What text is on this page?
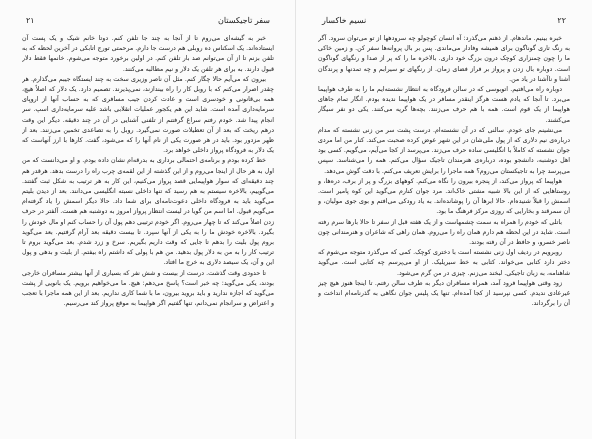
۲۱	سفر تاجیکستان

خبر به گیشه‌ای می‌روم تا از آنجا به چند جا تلفن کنم. دوتا خانم شیک و یک پست آن ایستاده‌اند. یک اسکناس ده روبلی هم درست جا دارم. مرحمتی تورج اتابکی در آخرین لحظه که به تلفن بزنم تا از آن می‌توانم صد بار تلفن کنم. در اولین برخورد متوجه می‌شوم. خانمها فقط دلار قبول دارند. به برای هر تلفن یک دلار و نیم مطالبه می‌کنند.

بیرون که می‌آیم حالا چگار کنم. مثل آن ناصر وزیری سخت به چند ایستگاه جیبم می‌گذارم. هر چقدر اصرار می‌کنم که با روبل کار را راه بیندازند، نمی‌پذیرند. تصمیم دارد. یک دلار که اصلاً هیچ، همه بی‌قانونی و خودسری است و عادت کردن جیب مسافری که به حساب آنها از اروپای سرمایه‌داری آمده است. شاید این هم یکجور عملیات انقلابی باشد علیه سرمایه‌داری اسپ. سر انجام پیدا شد. خودم رفتم سراغ گرفتنم از تلفنی آشنایی در آن در چند دقیقه. دیگر این وقت درهم ریخت که بعد از آن تعطیلات صورت نمی‌گیرد. روبل را به تصاعدی تخمین می‌زنند. بعد از ظهر مزدور بود. باید در هر صورت یکی از نام آنها را که می‌شود، گفت. کارها با ارز آنهاست که یک دلار به فرودگاه پرواز داخلی خواهد برد.

خط کرده بودم و برنامه‌ی احتمالی برداری به بدرقه‌ام نشان داده بودم. و او می‌دانست که من اول به هر حال از اینجا می‌روم و از این گذشته از این لقمه‌ی چرب راه را درست بدهد. هرقدر هم چند دقیقه‌ای که سوار هواپیمایی قصد پرواز می‌کنیم، این کار به هر ترتیب به شکل ثبت گفتند. می‌گوییم، بالاخره سیستم به هم رسید که تنها داخلی نسبته انگلیسی می‌دانند. بعد از دیدن بلیتم می‌گوید باید به فرودگاه داخلی دعوت‌نامه‌ای برای شما داد. حالا دیگر اسمش را یاد گرفته‌ام می‌گویم قبول. اما اسم من گویا در لیست انتظار پرواز امروز به دوشنبه هم هست. آلفتر در حرف زدن اصلاً می‌کند که تا چهار می‌روم. اگر خودم ترتیبی دهم پول آن را حساب کنم او مال خودش را بگیرد. بالاخره خودش ما را به یکی از آنها سپرد. تا بیست دقیقه بعد آرام گرفتیم. بعد می‌گوید بروم پول بلیت را بدهم تا جایی که وقت داریم بگیریم. سرخ و زرد شدم. بعد می‌گوید بروم تا ترتیب کار را به من به دلار پول بدهید. من هم با پولی که داشتم راه بیفتم. از بلیت و بدهی و پول این و آن، یک سیصد دلاری به خرج ما افتاد.

تا حدودی وقت گذشت. درست از بیست و شش نفر که بسیاری از آنها بیشتر مسافران خارجی بودند، یکی می‌گوید: چه خبر است؟ پاسخ می‌دهم: هیچ. ما می‌خواهیم برویم. یک بانویی از پشت می‌گوید که اجازه ندارید و باید بروید بیرون، ما با شما کاری نداریم. بعد از این همه ماجرا با تعجب و اعتراض و سرانجام نمی‌دانم، تنها گفتیم اگر هواپیما به موقع پرواز کند می‌رسیم.

۲۲
نسیم خاکسار

خبره بینیم. ماندهام. از ذهنم می‌گذرد: آه انسان کوچولو چه سرودهها از تو می‌توان سرود. آگر به رنگ تاری گوناگون برای همیشه وفادار می‌ماندی. پس بر بال پروانه‌ها سفر کن. و زمین خاکی ما را چون چمنزاری کوچک درون بزرگ خود داری. بالاخره ما را که پر از صدا و رنگهای گوناگون است. دوباره بال زدن و پرواز بر فراز فضای زمان. از رنگهای تو سیرابم و چه تمدنها و پرندگان آشنا و ناآشنا در یاد من.

دوباره راه می‌افتیم. اتوبوسی که در سالن فرودگاه به انتظار نشسته‌ایم ما را به طرف هواپیما می‌برد. تا آنجا که یادم هست هرگز اینقدر مسافر در یک هواپیما ندیده بودم. انگار تمام جاهای هواپیما از یک قوم است. همه با هم حرف می‌زنند. بچه‌ها گریه می‌کنند. یکی دو نفر سیگار می‌کشند.

می‌نشینم جای خودم. سالنی که در آن نشسته‌ام. درست پشت سر من زنی نشسته که مدام درباره‌ی نیم دلاری که از پول ملی‌شان در این شهر عوض کرده صحبت می‌کند. کنار من اما مردی جوان نشسته که کاملاً با انگلیسی ساده حرف می‌زند. می‌پرسد از کجا می‌آیم، می‌گویم. کسی بود اهل دوشنبه، دانشجو بوده، درباره‌ی هنرمندان تاجیک سؤال می‌کنم. همه را می‌شناسد. سپس می‌پرسد چرا به تاجیکستان می‌روم؟ همه ماجرا را برایش تعریف می‌کنم. با دقت گوش می‌دهد.

هواپیما که پرواز می‌کند، از پنجره بیرون را نگاه می‌کنم. کوههای بزرگ و پر از برف، دره‌ها، و روستاهایی که از این بالا شبیه مشتی خاک‌اند. مرد جوان کنارم می‌گوید این کوه پامیر است. اسمش را قبلاً شنیده‌ام. حالا ابرها آن را پوشانده‌اند. به یاد رودکی می‌افتم و بوی جوی مولیان، و آن سمرقند و بخارایی که روزی مرکز فرهنگ ما بود.

باتلی که خودم را همراه به سمت چشمهاست و از یک هفته قبل از سفر تا حالا بارها سرم رفته است. شاید در این لحظه هم دارم همان راه را می‌روم. همان راهی که شاعران و هنرمندانی چون ناصر خسرو، و حافظ در آن رفته بودند.

روبرویم در ردیف اول زنی نشسته است با دختری کوچک. کمی که می‌گذرد متوجه می‌شوم که دختر دارد کتابی می‌خواند. کتابی به خط سیریلیک. از او می‌پرسم چه کتابی است. می‌گوید شاهنامه، به زبان تاجیکی. لبخند می‌زنم. چیزی در من گرم می‌شود.

زود وقتی هواپیما فرود آمد، همراه مسافران دیگر به طرف سالن رفتم. تا اینجا هنوز هیچ چیز غیرعادی ندیدم. کسی نپرسید از کجا آمده‌ام. تنها یک پلیس جوان نگاهی به گذرنامه‌ام انداخت و آن را برگرداند.
